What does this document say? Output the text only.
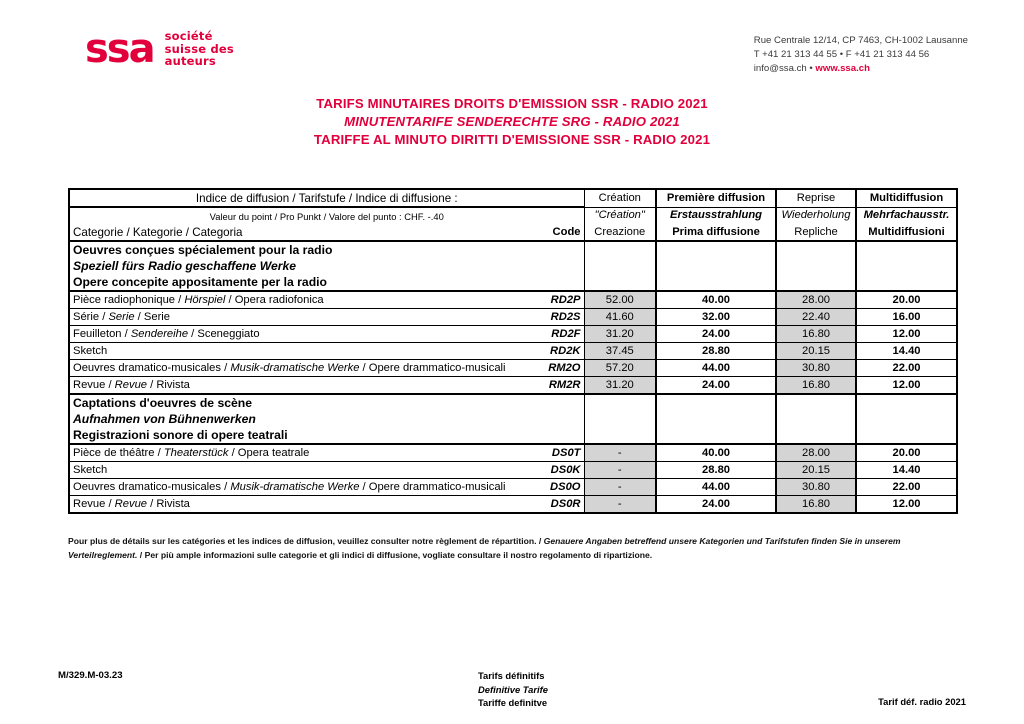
ssa société
suisse des
auteurs
Rue Centrale 12/14, CP 7463, CH-1002 Lausanne
T +41 21 313 44 55 • F +41 21 313 44 56
info@ssa.ch • www.ssa.ch
TARIFS MINUTAIRES DROITS D'EMISSION SSR - RADIO 2021
MINUTENTARIFE SENDERECHTE SRG - RADIO 2021
TARIFFE AL MINUTO DIRITTI D'EMISSIONE SSR - RADIO 2021
Indice de diffusion / Tarifstufe / Indice di diffusione :		Création	Première diffusion	Reprise	Multidiffusion
Valeur du point / Pro Punkt / Valore del punto : CHF. -.40		"Création"	Erstausstrahlung	Wiederholung	Mehrfachausstr.
Categorie / Kategorie / Categoria	Code	Creazione	Prima diffusione	Repliche	Multidiffusioni
Oeuvres conçues spécialement pour la radio					
Speziell fürs Radio geschaffene Werke					
Opere concepite appositamente per la radio					
Pièce radiophonique / Hörspiel / Opera radiofonica	RD2P	52.00	40.00	28.00	20.00
Série / Serie / Serie	RD2S	41.60	32.00	22.40	16.00
Feuilleton / Sendereihe / Sceneggiato	RD2F	31.20	24.00	16.80	12.00
Sketch	RD2K	37.45	28.80	20.15	14.40
Oeuvres dramatico-musicales / Musik-dramatische Werke / Opere drammatico-musicali	RM2O	57.20	44.00	30.80	22.00
Revue / Revue / Rivista	RM2R	31.20	24.00	16.80	12.00
Captations d'oeuvres de scène					
Aufnahmen von Bühnenwerken					
Registrazioni sonore di opere teatrali					
Pièce de théâtre / Theaterstück / Opera teatrale	DS0T	-	40.00	28.00	20.00
Sketch	DS0K	-	28.80	20.15	14.40
Oeuvres dramatico-musicales / Musik-dramatische Werke / Opere drammatico-musicali	DS0O	-	44.00	30.80	22.00
Revue / Revue / Rivista	DS0R	-	24.00	16.80	12.00
Pour plus de détails sur les catégories et les indices de diffusion, veuillez consulter notre règlement de répartition. / Genauere Angaben betreffend unsere Kategorien und Tarifstufen finden Sie in unserem Verteilreglement. / Per più ample informazioni sulle categorie et gli indici di diffusione, vogliate consultare il nostro regolamento di ripartizione.
M/329.M-03.23	Tarifs définitifs
Definitive Tarife
Tariffe definitve	Tarif déf. radio 2021
